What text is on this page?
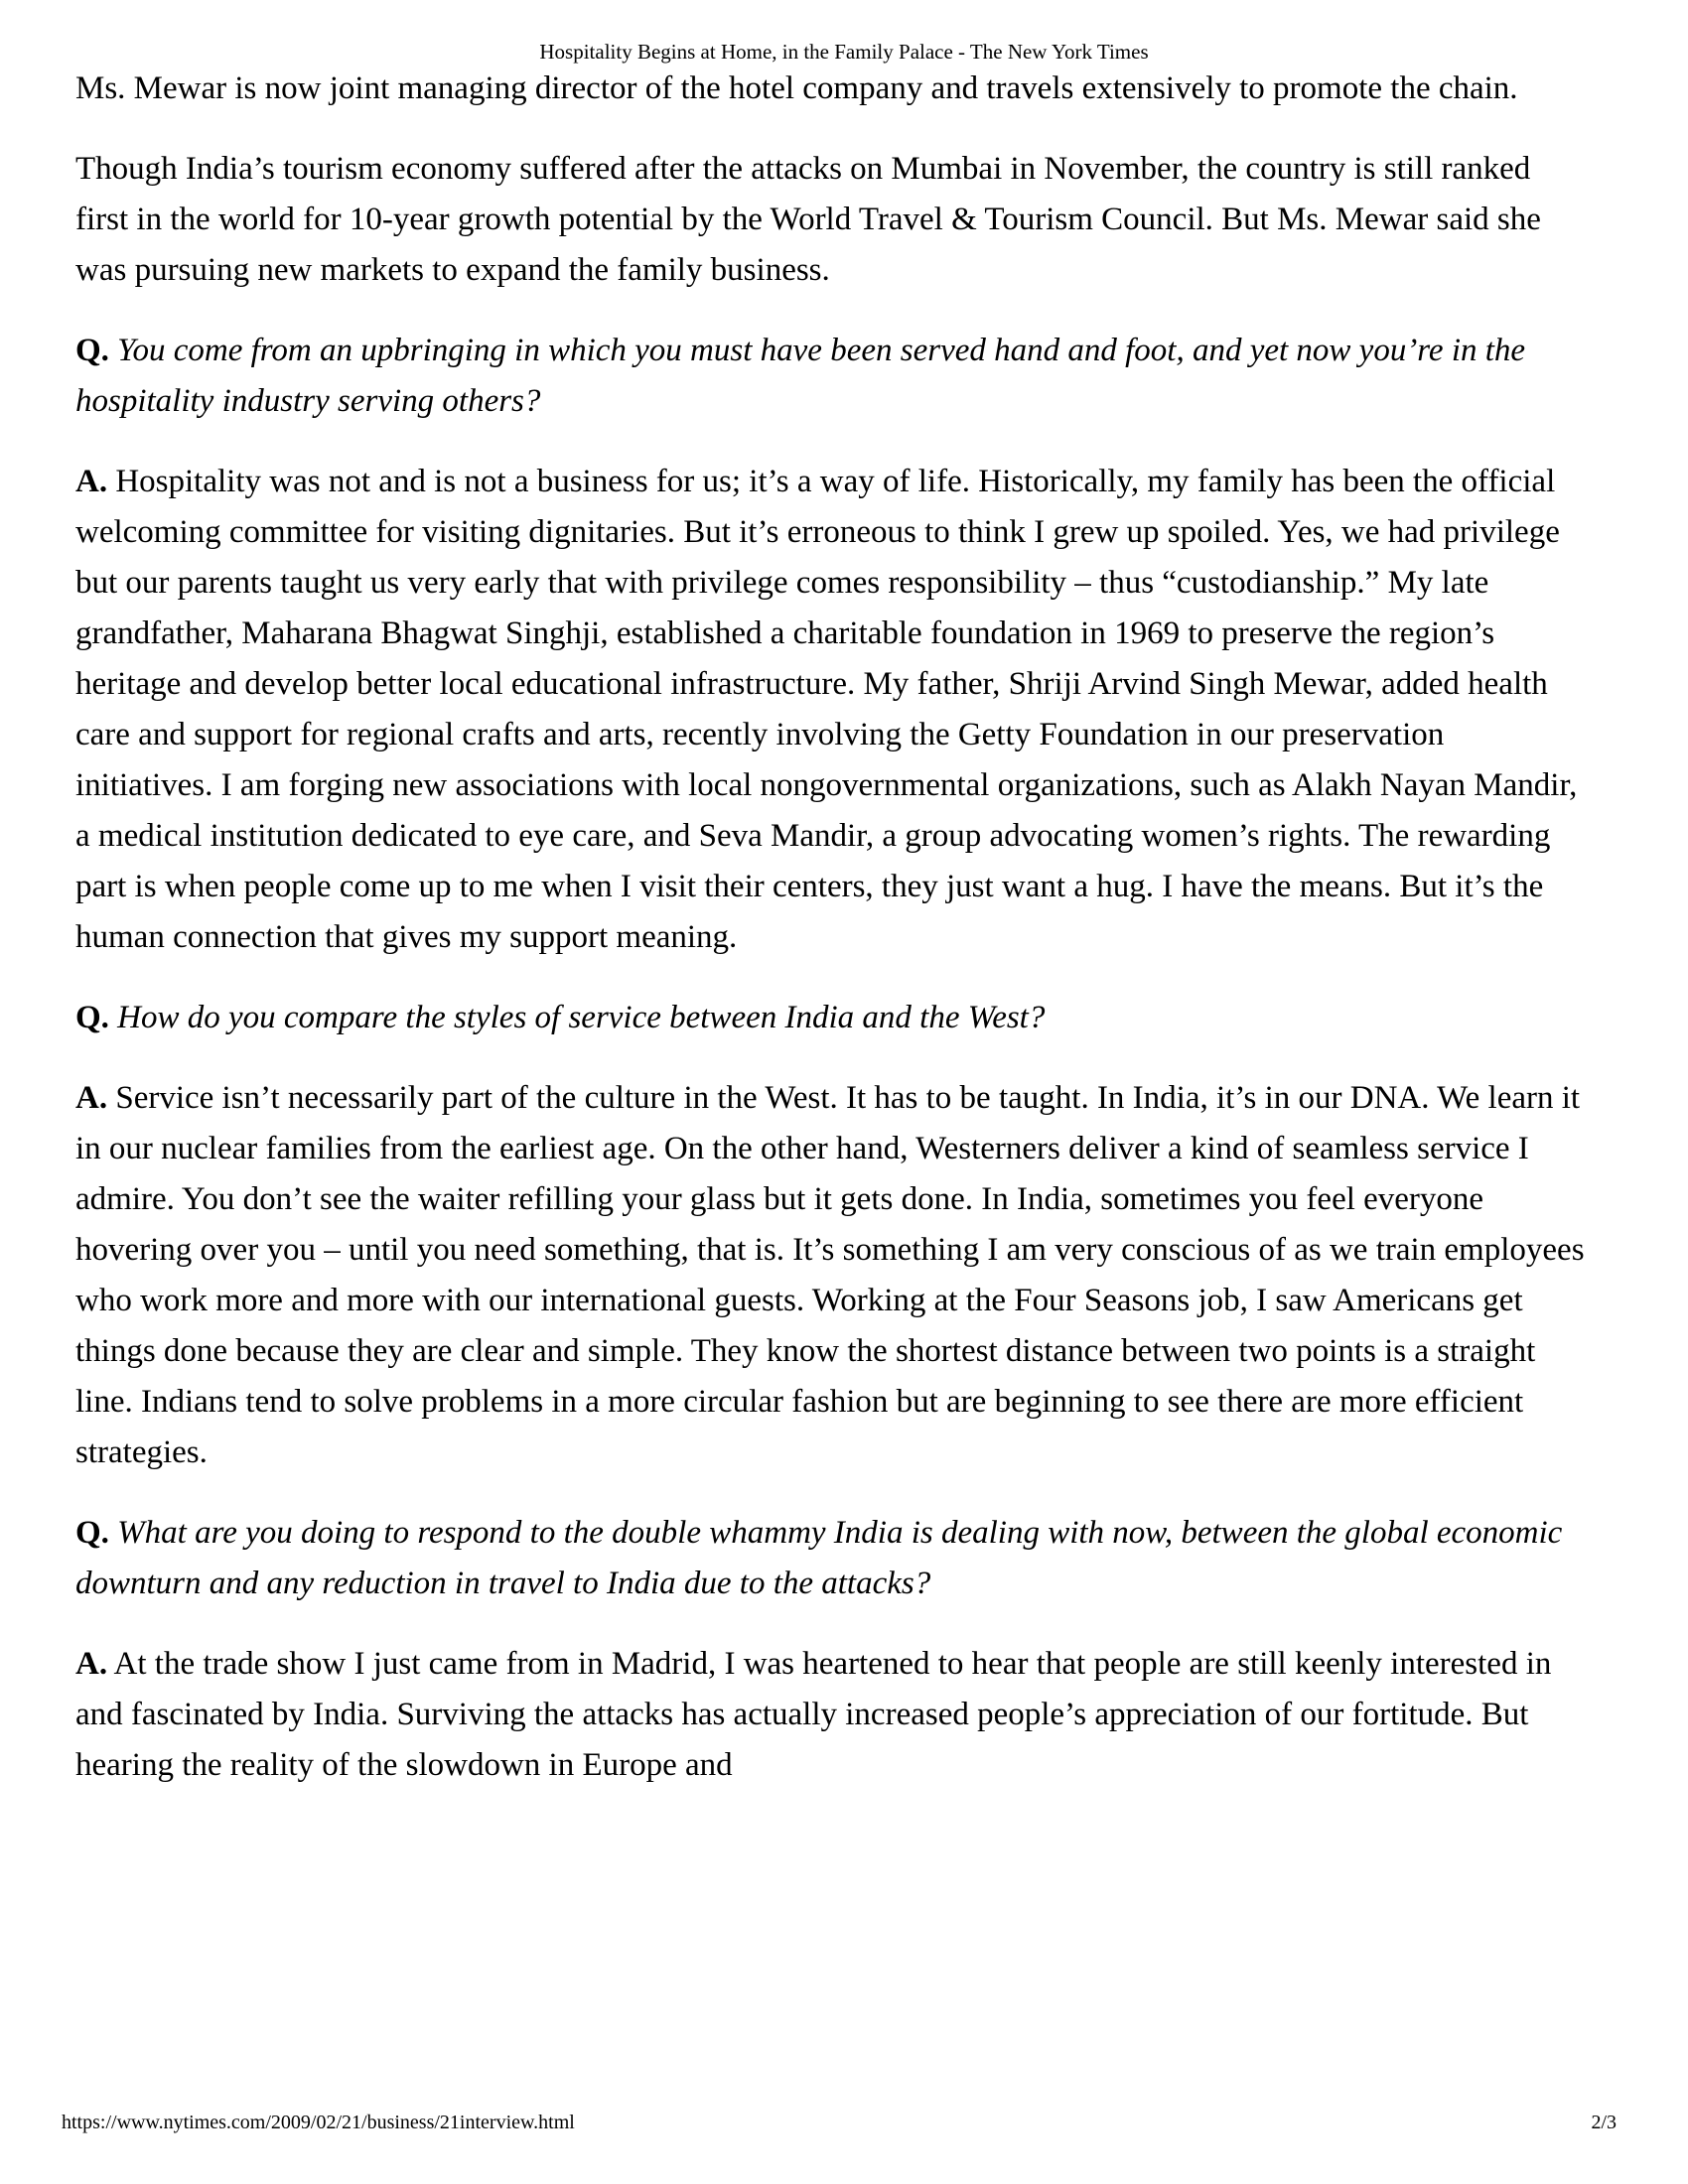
Hospitality Begins at Home, in the Family Palace - The New York Times

Ms. Mewar is now joint managing director of the hotel company and travels extensively to promote the chain.

Though India’s tourism economy suffered after the attacks on Mumbai in November, the country is still ranked first in the world for 10-year growth potential by the World Travel & Tourism Council. But Ms. Mewar said she was pursuing new markets to expand the family business.

Q. You come from an upbringing in which you must have been served hand and foot, and yet now you’re in the hospitality industry serving others?

A. Hospitality was not and is not a business for us; it’s a way of life. Historically, my family has been the official welcoming committee for visiting dignitaries. But it’s erroneous to think I grew up spoiled. Yes, we had privilege but our parents taught us very early that with privilege comes responsibility – thus “custodianship.” My late grandfather, Maharana Bhagwat Singhji, established a charitable foundation in 1969 to preserve the region’s heritage and develop better local educational infrastructure. My father, Shriji Arvind Singh Mewar, added health care and support for regional crafts and arts, recently involving the Getty Foundation in our preservation initiatives. I am forging new associations with local nongovernmental organizations, such as Alakh Nayan Mandir, a medical institution dedicated to eye care, and Seva Mandir, a group advocating women’s rights. The rewarding part is when people come up to me when I visit their centers, they just want a hug. I have the means. But it’s the human connection that gives my support meaning.

Q. How do you compare the styles of service between India and the West?

A. Service isn’t necessarily part of the culture in the West. It has to be taught. In India, it’s in our DNA. We learn it in our nuclear families from the earliest age. On the other hand, Westerners deliver a kind of seamless service I admire. You don’t see the waiter refilling your glass but it gets done. In India, sometimes you feel everyone hovering over you – until you need something, that is. It’s something I am very conscious of as we train employees who work more and more with our international guests. Working at the Four Seasons job, I saw Americans get things done because they are clear and simple. They know the shortest distance between two points is a straight line. Indians tend to solve problems in a more circular fashion but are beginning to see there are more efficient strategies.

Q. What are you doing to respond to the double whammy India is dealing with now, between the global economic downturn and any reduction in travel to India due to the attacks?

A. At the trade show I just came from in Madrid, I was heartened to hear that people are still keenly interested in and fascinated by India. Surviving the attacks has actually increased people’s appreciation of our fortitude. But hearing the reality of the slowdown in Europe and

https://www.nytimes.com/2009/02/21/business/21interview.html	2/3
